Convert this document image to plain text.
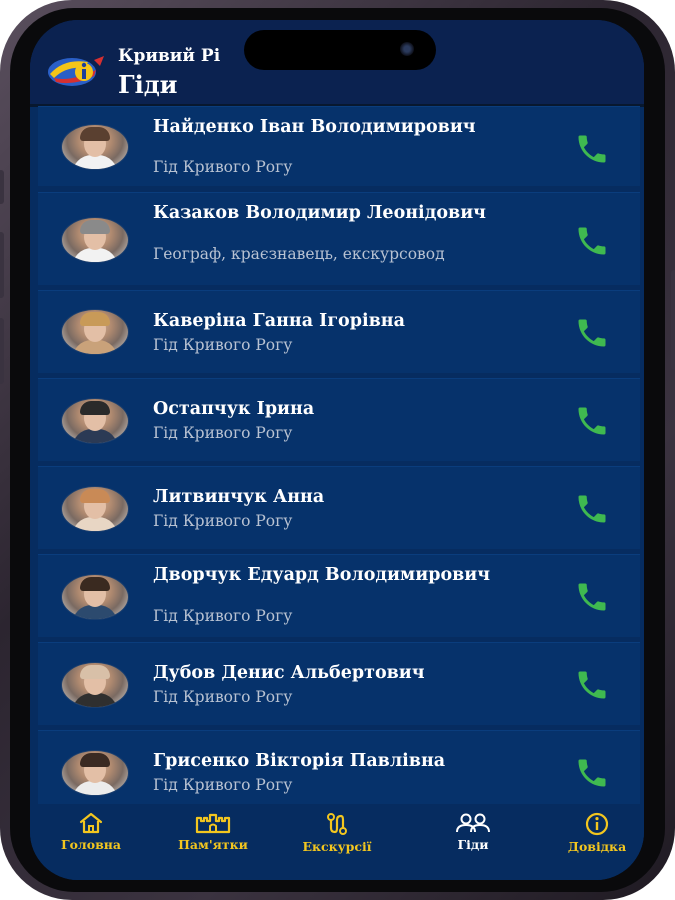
Кривий Рі
Гіди
Найденко Іван Володимирович
Гід Кривого Рогу
Казаков Володимир Леонідович
Географ, краєзнавець, екскурсовод
Каверіна Ганна Ігорівна
Гід Кривого Рогу
Остапчук Ірина
Гід Кривого Рогу
Литвинчук Анна
Гід Кривого Рогу
Дворчук Едуард Володимирович
Гід Кривого Рогу
Дубов Денис Альбертович
Гід Кривого Рогу
Грисенко Вікторія Павлівна
Гід Кривого Рогу
Головна	Пам'ятки	Екскурсії	Гіди	Довідка
